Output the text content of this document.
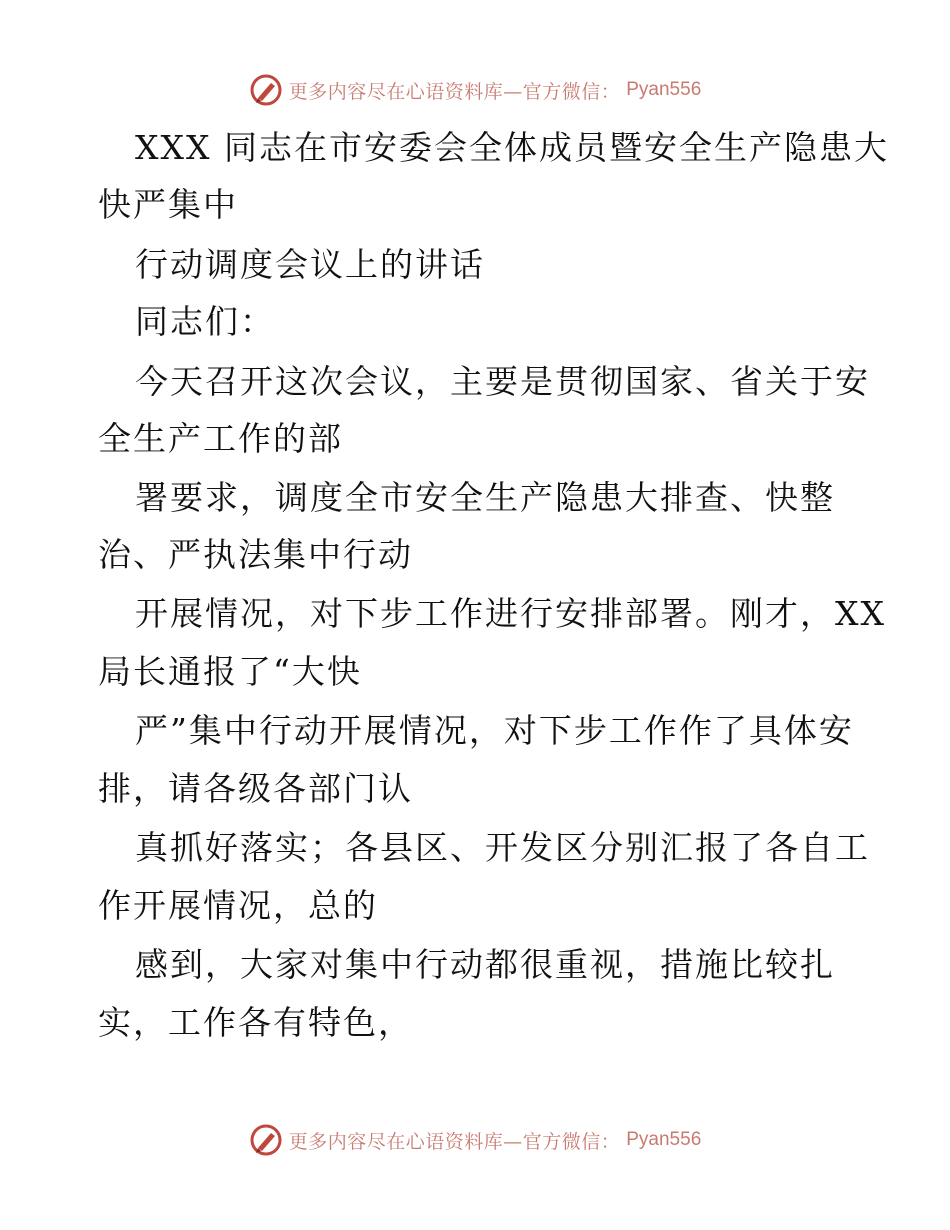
更多内容尽在心语资料库—官方微信： Pyan556
XXX 同志在市安委会全体成员暨安全生产隐患大
快严集中
行动调度会议上的讲话
同志们：
今天召开这次会议，主要是贯彻国家、省关于安
全生产工作的部
署要求，调度全市安全生产隐患大排查、快整
治、严执法集中行动
开展情况，对下步工作进行安排部署。刚才，XX
局长通报了“大快
严”集中行动开展情况，对下步工作作了具体安
排，请各级各部门认
真抓好落实；各县区、开发区分别汇报了各自工
作开展情况，总的
感到，大家对集中行动都很重视，措施比较扎
实，工作各有特色，
更多内容尽在心语资料库—官方微信： Pyan556
